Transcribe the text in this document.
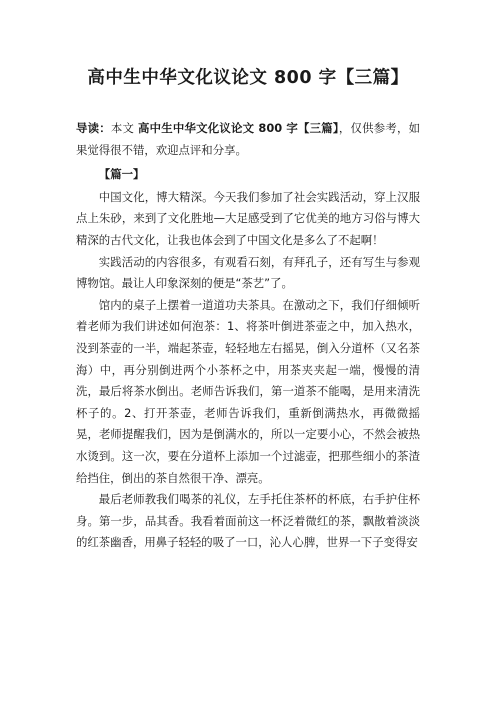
高中生中华文化议论文 800 字【三篇】

导读：本文 高中生中华文化议论文 800 字【三篇】，仅供参考，如果觉得很不错，欢迎点评和分享。

【篇一】

中国文化，博大精深。今天我们参加了社会实践活动，穿上汉服点上朱砂，来到了文化胜地—大足感受到了它优美的地方习俗与博大精深的古代文化，让我也体会到了中国文化是多么了不起啊！

实践活动的内容很多，有观看石刻，有拜孔子，还有写生与参观博物馆。最让人印象深刻的便是“茶艺”了。

馆内的桌子上摆着一道道功夫茶具。在激动之下，我们仔细倾听着老师为我们讲述如何泡茶：1、将茶叶倒进茶壶之中，加入热水，没到茶壶的一半，端起茶壶，轻轻地左右摇晃，倒入分道杯（又名茶海）中，再分别倒进两个小茶杯之中，用茶夹夹起一端，慢慢的清洗，最后将茶水倒出。老师告诉我们，第一道茶不能喝，是用来清洗杯子的。2、打开茶壶，老师告诉我们，重新倒满热水，再微微摇晃，老师提醒我们，因为是倒满水的，所以一定要小心，不然会被热水烫到。这一次，要在分道杯上添加一个过滤壶，把那些细小的茶渣给挡住，倒出的茶自然很干净、漂亮。

最后老师教我们喝茶的礼仪，左手托住茶杯的杯底，右手护住杯身。第一步，品其香。我看着面前这一杯泛着微红的茶，飘散着淡淡的红茶幽香，用鼻子轻轻的吸了一口，沁人心脾，世界一下子变得安
